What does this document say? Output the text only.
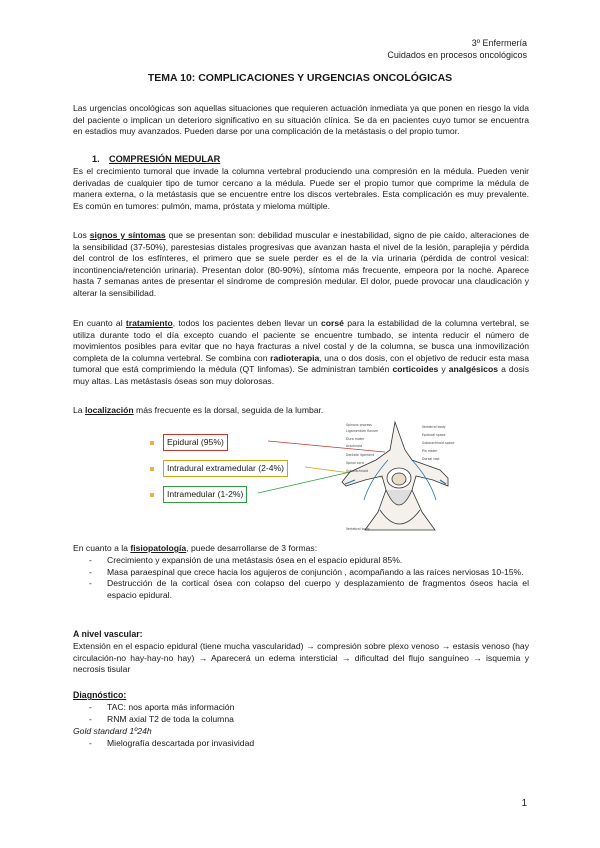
3º Enfermería
Cuidados en procesos oncológicos
TEMA 10: COMPLICACIONES Y URGENCIAS ONCOLÓGICAS
Las urgencias oncológicas son aquellas situaciones que requieren actuación inmediata ya que ponen en riesgo la vida del paciente o implican un deterioro significativo en su situación clínica. Se da en pacientes cuyo tumor se encuentra en estadios muy avanzados. Pueden darse por una complicación de la metástasis o del propio tumor.
1. COMPRESIÓN MEDULAR
Es el crecimiento tumoral que invade la columna vertebral produciendo una compresión en la médula. Pueden venir derivadas de cualquier tipo de tumor cercano a la médula. Puede ser el propio tumor que comprime la médula de manera externa, o la metástasis que se encuentre entre los discos vertebrales. Esta complicación es muy prevalente. Es común en tumores: pulmón, mama, próstata y mieloma múltiple.
Los signos y síntomas que se presentan son: debilidad muscular e inestabilidad, signo de pie caído, alteraciones de la sensibilidad (37-50%), parestesias distales progresivas que avanzan hasta el nivel de la lesión, paraplejia y pérdida del control de los esfínteres, el primero que se suele perder es el de la vía urinaria (pérdida de control vesical: incontinencia/retención urinaria). Presentan dolor (80-90%), síntoma más frecuente, empeora por la noche. Aparece hasta 7 semanas antes de presentar el síndrome de compresión medular. El dolor, puede provocar una claudicación y alterar la sensibilidad.
En cuanto al tratamiento, todos los pacientes deben llevar un corsé para la estabilidad de la columna vertebral, se utiliza durante todo el día excepto cuando el paciente se encuentre tumbado, se intenta reducir el número de movimientos posibles para evitar que no haya fracturas a nivel costal y de la columna, se busca una inmovilización completa de la columna vertebral. Se combina con radioterapia, una o dos dosis, con el objetivo de reducir esta masa tumoral que está comprimiendo la médula (QT linfomas). Se administran también corticoides y analgésicos a dosis muy altas. Las metástasis óseas son muy dolorosas.
La localización más frecuente es la dorsal, seguida de la lumbar.
Epidural (95%)
Intradural extramedular (2-4%)
Intramedular (1-2%)
Spinous process
Ligamentum flavum
Dura mater
Arachnoid
Dentate ligament
Spinal cord
Subarachnoid
Vertebral body
Vertebral body
Epidural space
Subarachnoid space
Pia mater
Dorsal root
En cuanto a la fisiopatología, puede desarrollarse de 3 formas:
- Crecimiento y expansión de una metástasis ósea en el espacio epidural 85%.
- Masa paraespinal que crece hacia los agujeros de conjunción , acompañando a las raíces nerviosas 10-15%.
- Destrucción de la cortical ósea con colapso del cuerpo y desplazamiento de fragmentos óseos hacia el espacio epidural.
A nivel vascular:
Extensión en el espacio epidural (tiene mucha vascularidad) → compresión sobre plexo venoso → estasis venoso (hay circulación-no hay-hay-no hay) → Aparecerá un edema intersticial → dificultad del flujo sanguíneo → isquemia y necrosis tisular
Diagnóstico:
- TAC: nos aporta más información
- RNM axial T2 de toda la columna
Gold standard 1º24h
- Mielografía descartada por invasividad
1
